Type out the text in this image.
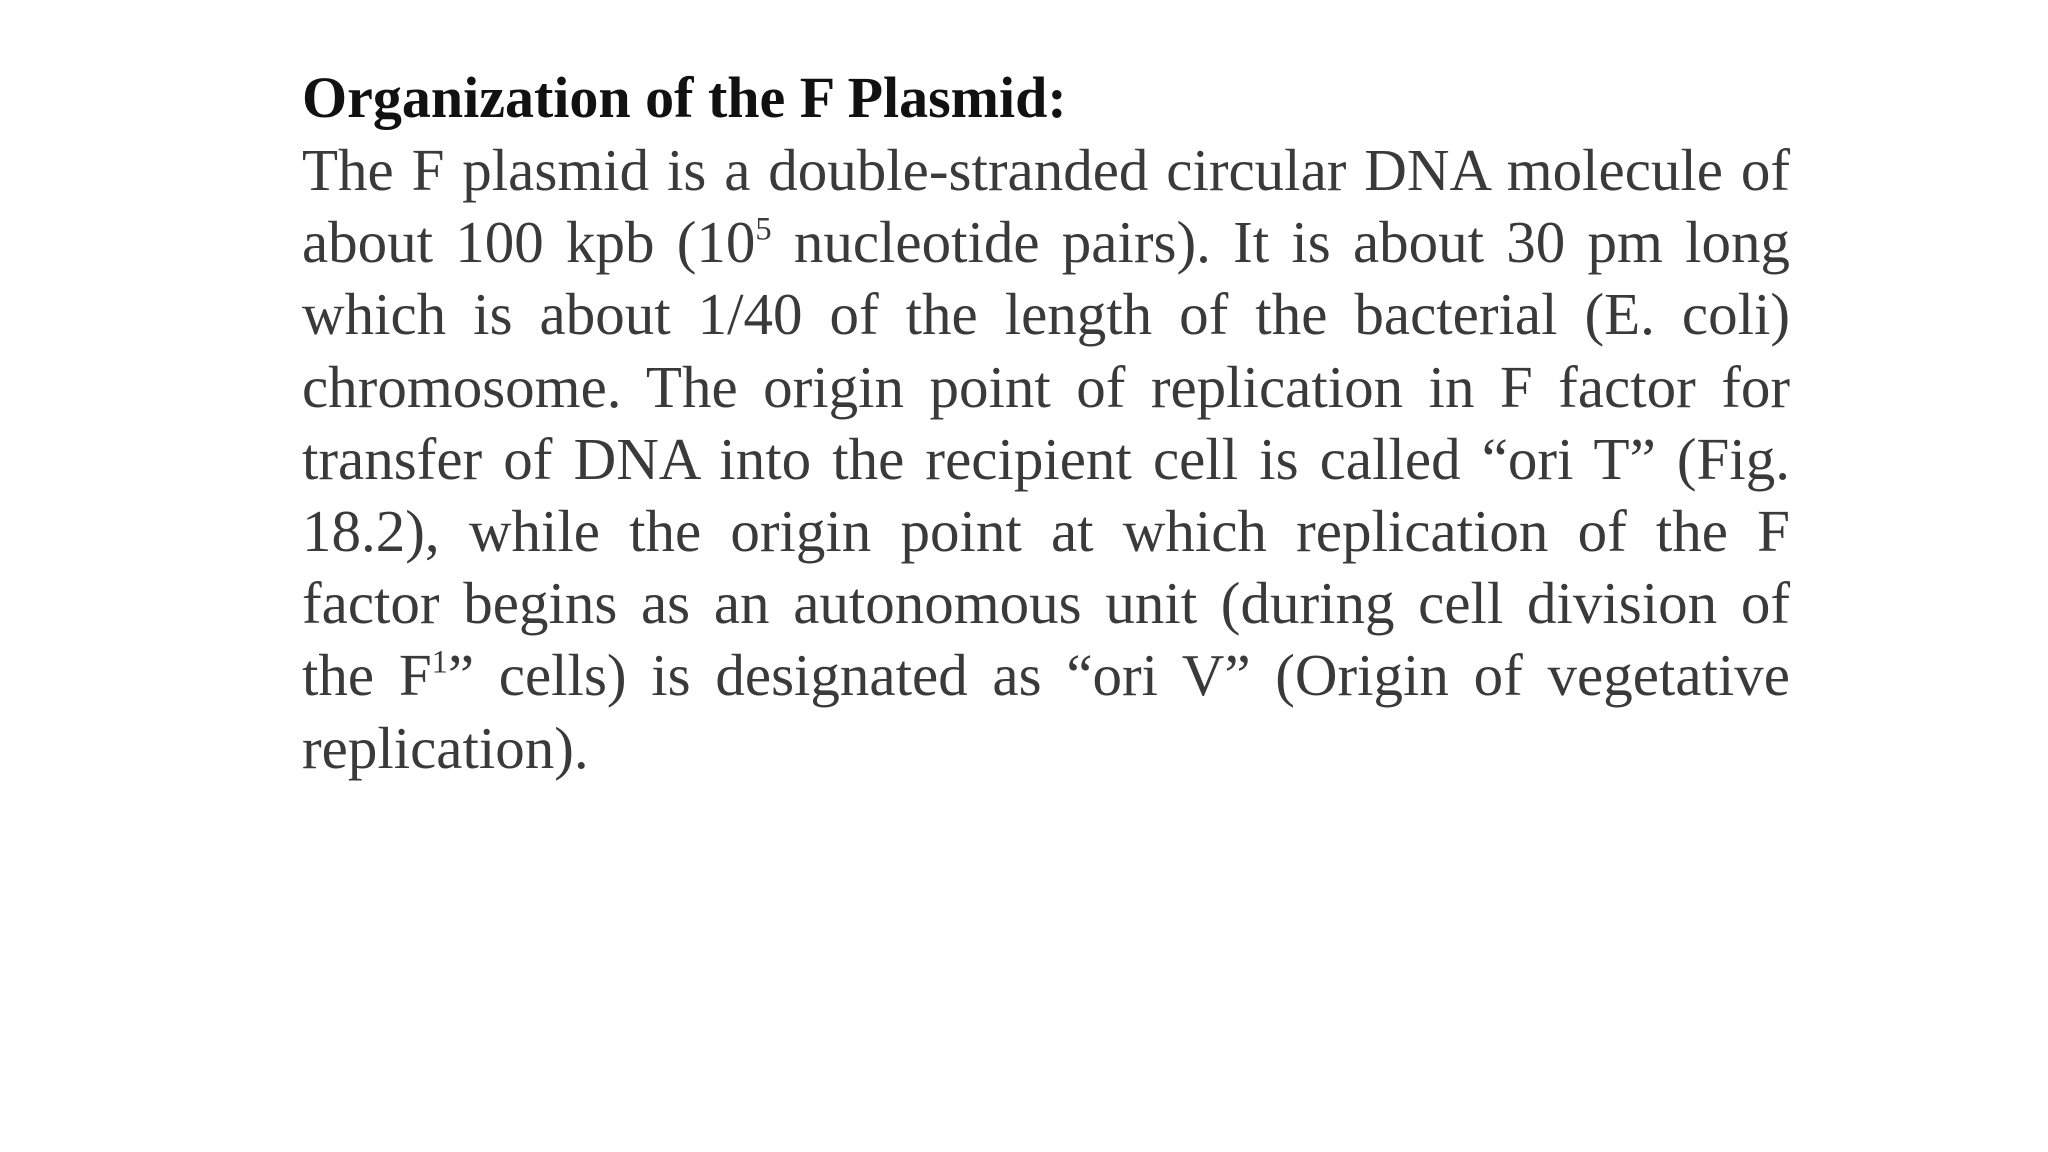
Organization of the F Plasmid:

The F plasmid is a double-stranded circular DNA molecule of about 100 kpb ($10^5$ nucleotide pairs). It is about 30 pm long which is about 1/40 of the length of the bacterial (E. coli) chromosome. The origin point of replication in F factor for transfer of DNA into the recipient cell is called “ori T” (Fig. 18.2), while the origin point at which replication of the F factor begins as an autonomous unit (during cell division of the $F^1$” cells) is designated as “ori V” (Origin of vegetative replication).
